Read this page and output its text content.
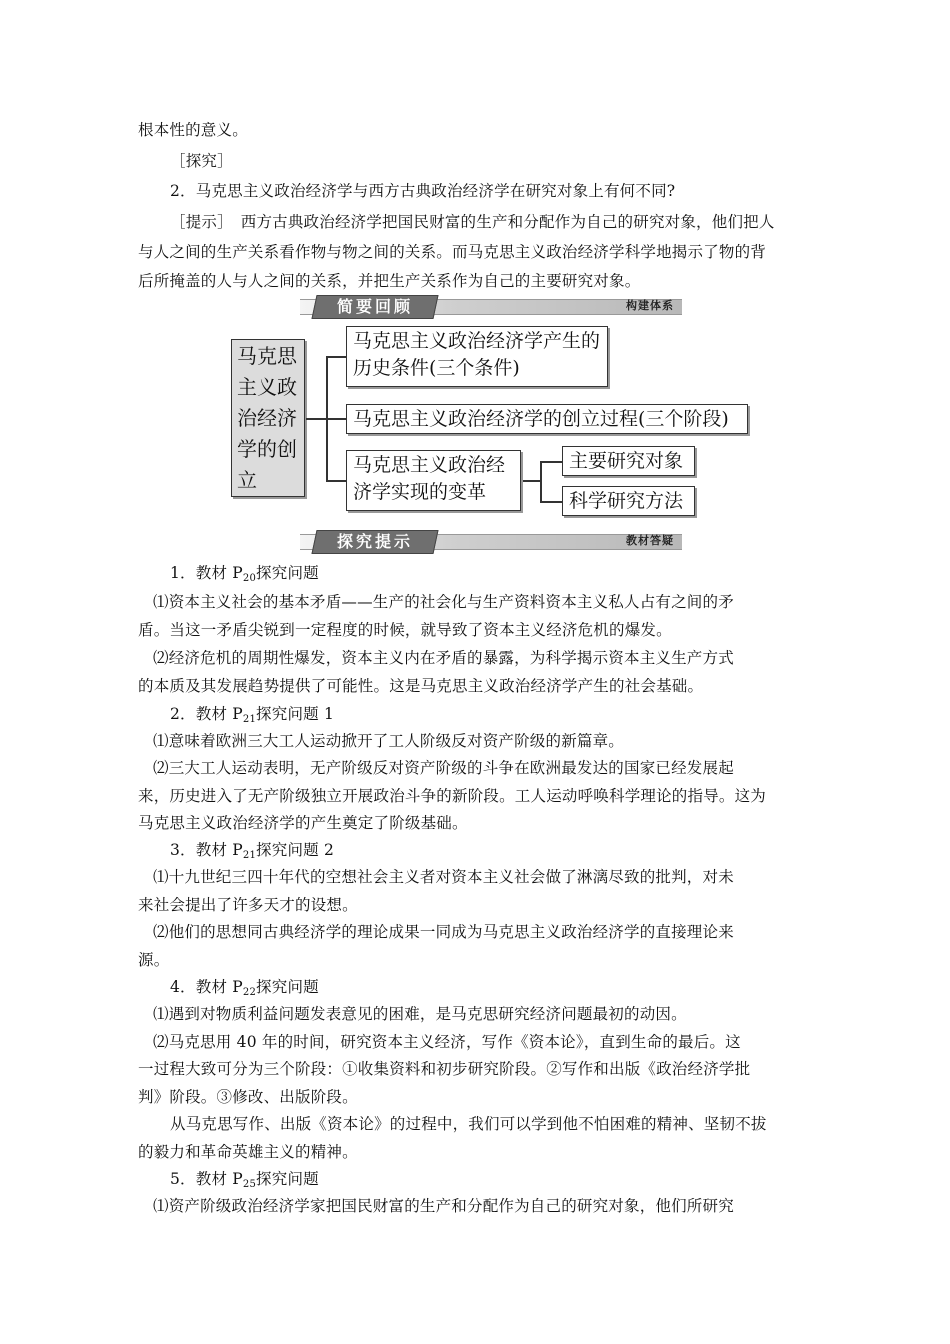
根本性的意义。
［探究］
2．马克思主义政治经济学与西方古典政治经济学在研究对象上有何不同?
［提示］　西方古典政治经济学把国民财富的生产和分配作为自己的研究对象，他们把人
与人之间的生产关系看作物与物之间的关系。而马克思主义政治经济学科学地揭示了物的背
后所掩盖的人与人之间的关系，并把生产关系作为自己的主要研究对象。
简要回顾	构建体系
马克思主义政治经济学的创立
马克思主义政治经济学产生的历史条件(三个条件)
马克思主义政治经济学的创立过程(三个阶段)
马克思主义政治经济学实现的变革
主要研究对象
科学研究方法
探究提示	教材答疑
1．教材 $P_{20}$探究问题
⑴资本主义社会的基本矛盾——生产的社会化与生产资料资本主义私人占有之间的矛
盾。当这一矛盾尖锐到一定程度的时候，就导致了资本主义经济危机的爆发。
⑵经济危机的周期性爆发，资本主义内在矛盾的暴露，为科学揭示资本主义生产方式
的本质及其发展趋势提供了可能性。这是马克思主义政治经济学产生的社会基础。
2．教材 $P_{21}$探究问题 1
⑴意味着欧洲三大工人运动掀开了工人阶级反对资产阶级的新篇章。
⑵三大工人运动表明，无产阶级反对资产阶级的斗争在欧洲最发达的国家已经发展起
来，历史进入了无产阶级独立开展政治斗争的新阶段。工人运动呼唤科学理论的指导。这为
马克思主义政治经济学的产生奠定了阶级基础。
3．教材 $P_{21}$探究问题 2
⑴十九世纪三四十年代的空想社会主义者对资本主义社会做了淋漓尽致的批判，对未
来社会提出了许多天才的设想。
⑵他们的思想同古典经济学的理论成果一同成为马克思主义政治经济学的直接理论来
源。
4．教材 $P_{22}$探究问题
⑴遇到对物质利益问题发表意见的困难，是马克思研究经济问题最初的动因。
⑵马克思用 40 年的时间，研究资本主义经济，写作《资本论》，直到生命的最后。这
一过程大致可分为三个阶段：①收集资料和初步研究阶段。②写作和出版《政治经济学批
判》阶段。③修改、出版阶段。
从马克思写作、出版《资本论》的过程中，我们可以学到他不怕困难的精神、坚韧不拔
的毅力和革命英雄主义的精神。
5．教材 $P_{25}$探究问题
⑴资产阶级政治经济学家把国民财富的生产和分配作为自己的研究对象，他们所研究
